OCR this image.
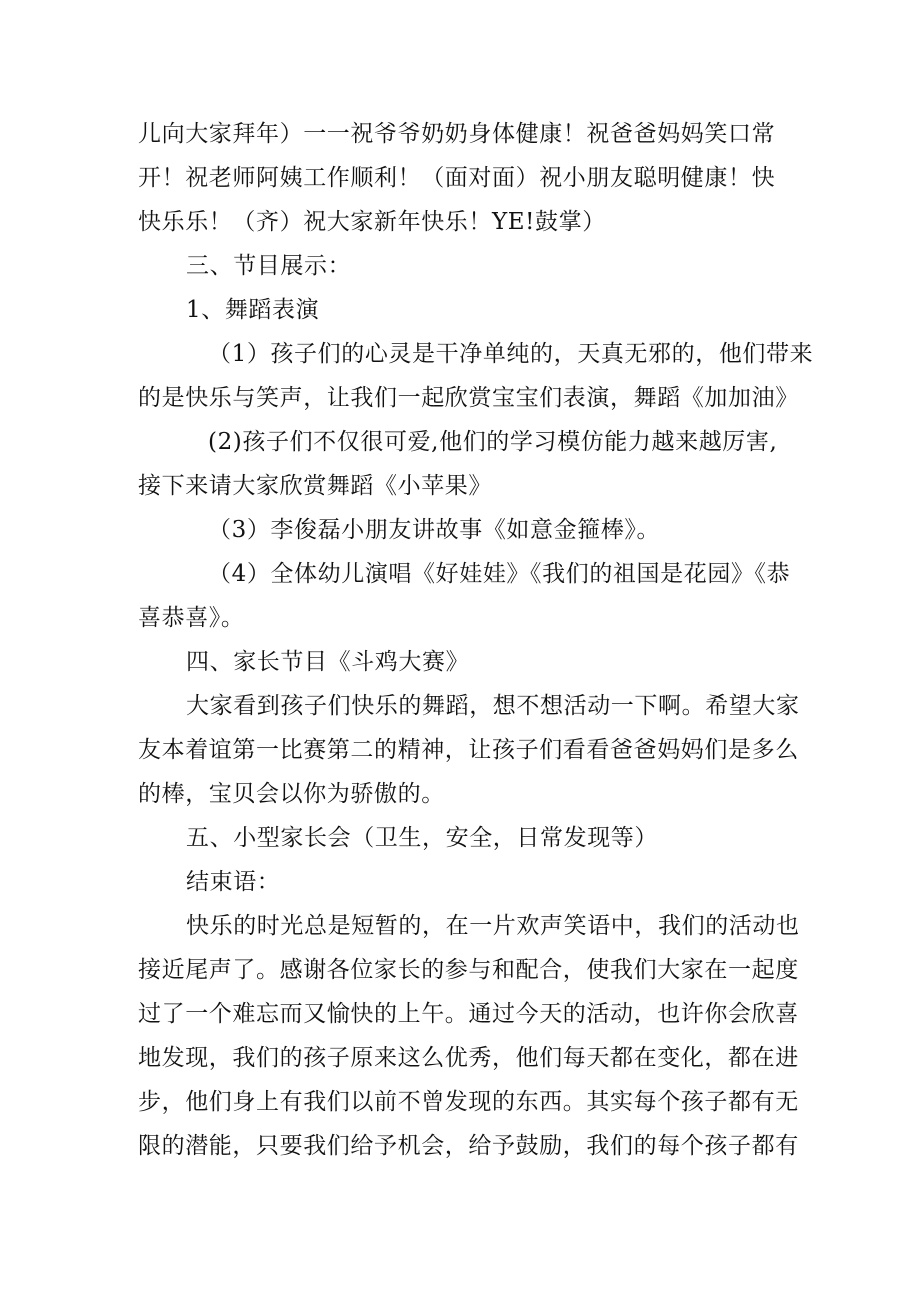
儿向大家拜年）一一祝爷爷奶奶身体健康！祝爸爸妈妈笑口常
开！祝老师阿姨工作顺利！（面对面）祝小朋友聪明健康！快
快乐乐！（齐）祝大家新年快乐！YE!鼓掌）
三、节目展示：
1、舞蹈表演
（1）孩子们的心灵是干净单纯的，天真无邪的，他们带来
的是快乐与笑声，让我们一起欣赏宝宝们表演，舞蹈《加加油》
(2)孩子们不仅很可爱,他们的学习模仿能力越来越厉害,
接下来请大家欣赏舞蹈《小苹果》
（3）李俊磊小朋友讲故事《如意金箍棒》。
（4）全体幼儿演唱《好娃娃》《我们的祖国是花园》《恭
喜恭喜》。
四、家长节目《斗鸡大赛》
大家看到孩子们快乐的舞蹈，想不想活动一下啊。希望大家
友本着谊第一比赛第二的精神，让孩子们看看爸爸妈妈们是多么
的棒，宝贝会以你为骄傲的。
五、小型家长会（卫生，安全，日常发现等）
结束语：
快乐的时光总是短暂的，在一片欢声笑语中，我们的活动也
接近尾声了。感谢各位家长的参与和配合，使我们大家在一起度
过了一个难忘而又愉快的上午。通过今天的活动，也许你会欣喜
地发现，我们的孩子原来这么优秀，他们每天都在变化，都在进
步，他们身上有我们以前不曾发现的东西。其实每个孩子都有无
限的潜能，只要我们给予机会，给予鼓励，我们的每个孩子都有
